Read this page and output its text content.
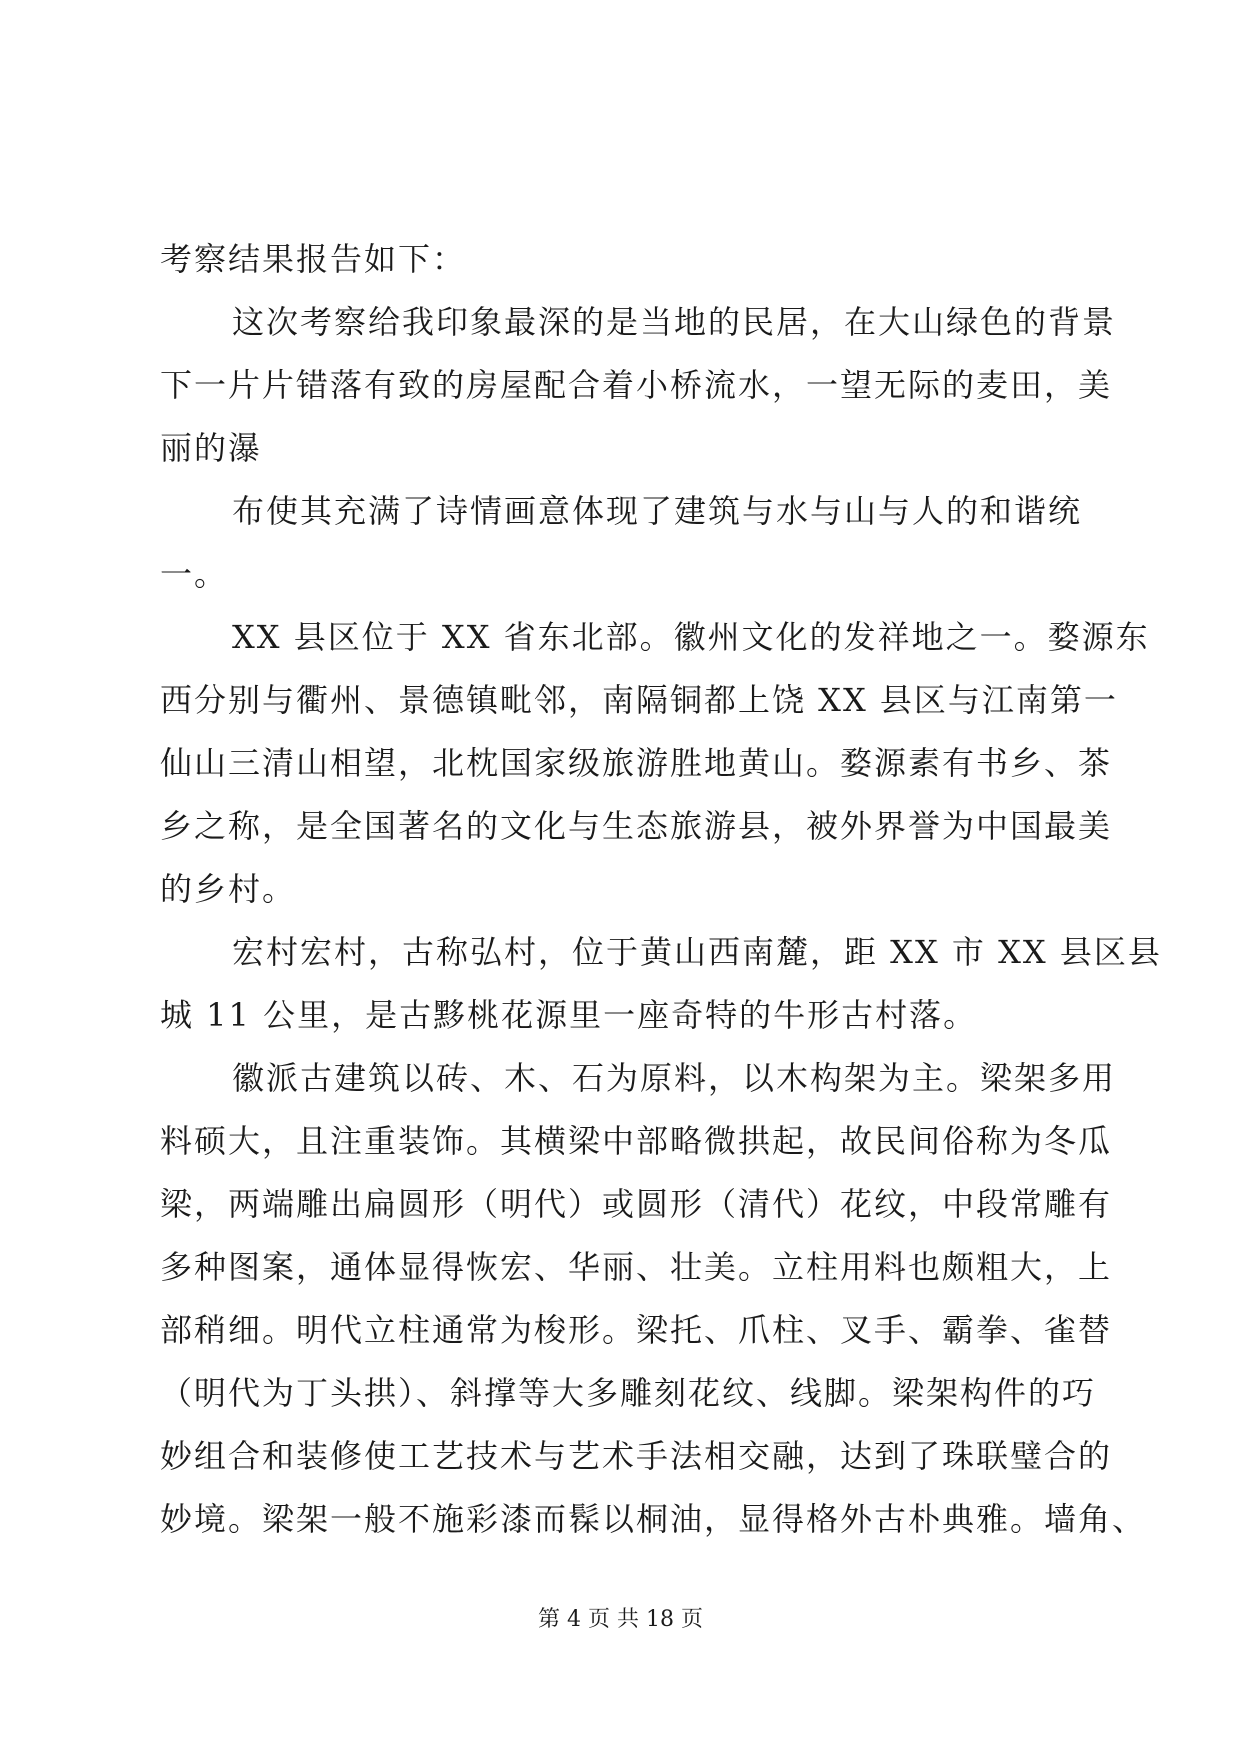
考察结果报告如下：
这次考察给我印象最深的是当地的民居，在大山绿色的背景
下一片片错落有致的房屋配合着小桥流水，一望无际的麦田，美
丽的瀑
布使其充满了诗情画意体现了建筑与水与山与人的和谐统
一。
XX 县区位于 XX 省东北部。徽州文化的发祥地之一。婺源东
西分别与衢州、景德镇毗邻，南隔铜都上饶 XX 县区与江南第一
仙山三清山相望，北枕国家级旅游胜地黄山。婺源素有书乡、茶
乡之称，是全国著名的文化与生态旅游县，被外界誉为中国最美
的乡村。
宏村宏村，古称弘村，位于黄山西南麓，距 XX 市 XX 县区县
城 11 公里，是古黟桃花源里一座奇特的牛形古村落。
徽派古建筑以砖、木、石为原料，以木构架为主。梁架多用
料硕大，且注重装饰。其横梁中部略微拱起，故民间俗称为冬瓜
梁，两端雕出扁圆形（明代）或圆形（清代）花纹，中段常雕有
多种图案，通体显得恢宏、华丽、壮美。立柱用料也颇粗大，上
部稍细。明代立柱通常为梭形。梁托、爪柱、叉手、霸拳、雀替
（明代为丁头拱）、斜撑等大多雕刻花纹、线脚。梁架构件的巧
妙组合和装修使工艺技术与艺术手法相交融，达到了珠联璧合的
妙境。梁架一般不施彩漆而髹以桐油，显得格外古朴典雅。墙角、
第 4 页 共 18 页
